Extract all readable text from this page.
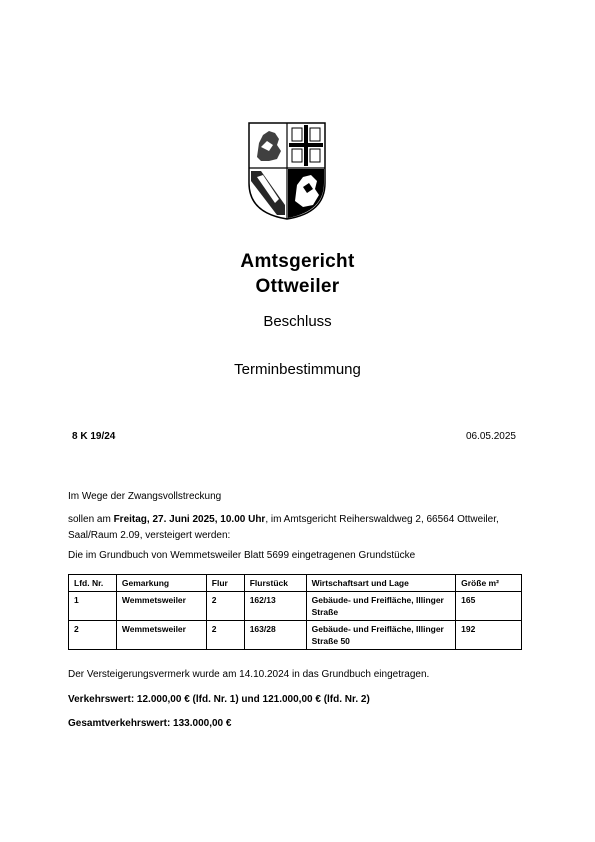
Amtsgericht
Ottweiler
Beschluss
Terminbestimmung
8 K 19/24	06.05.2025
Im Wege der Zwangsvollstreckung
sollen am Freitag, 27. Juni 2025, 10.00 Uhr, im Amtsgericht Reiherswaldweg 2, 66564 Ottweiler, Saal/Raum 2.09, versteigert werden:
Die im Grundbuch von Wemmetsweiler Blatt 5699 eingetragenen Grundstücke
Lfd. Nr.	Gemarkung	Flur	Flurstück	Wirtschaftsart und Lage	Größe m²
1	Wemmetsweiler	2	162/13	Gebäude- und Freifläche, Illinger Straße	165
2	Wemmetsweiler	2	163/28	Gebäude- und Freifläche, Illinger Straße 50	192
Der Versteigerungsvermerk wurde am 14.10.2024 in das Grundbuch eingetragen.
Verkehrswert: 12.000,00 € (lfd. Nr. 1) und 121.000,00 € (lfd. Nr. 2)
Gesamtverkehrswert: 133.000,00 €
